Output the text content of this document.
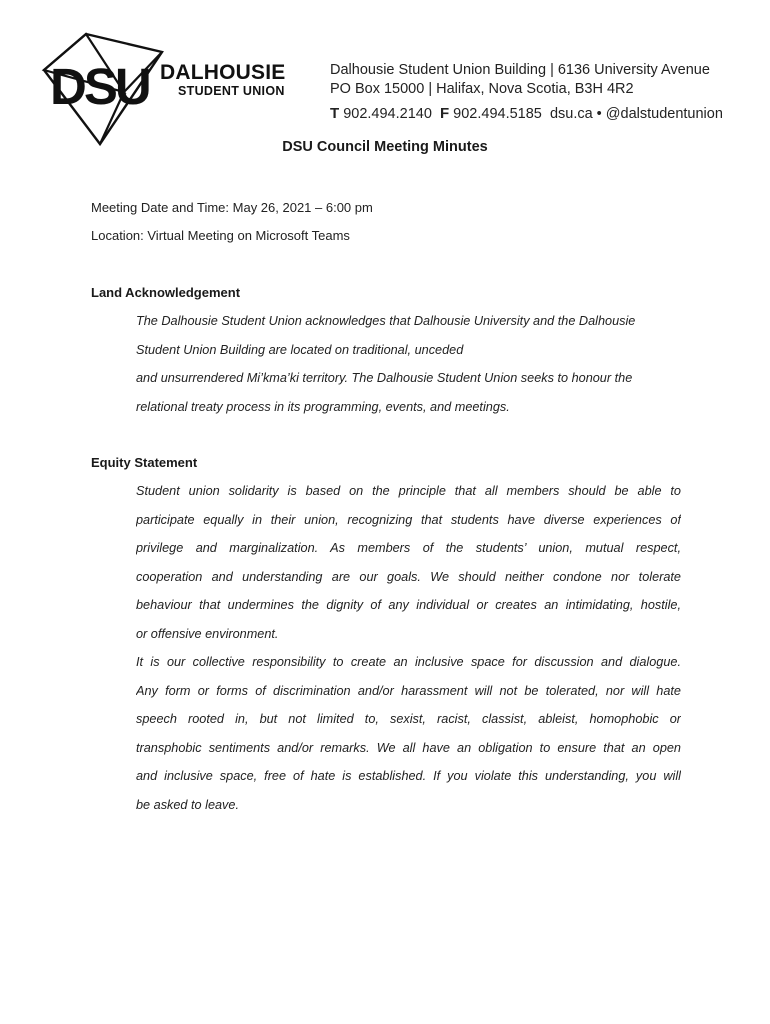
DSU DALHOUSIE
STUDENT UNION
Dalhousie Student Union Building | 6136 University Avenue
PO Box 15000 | Halifax, Nova Scotia, B3H 4R2
T 902.494.2140 F 902.494.5185 dsu.ca • @dalstudentunion
DSU Council Meeting Minutes
Meeting Date and Time: May 26, 2021 – 6:00 pm
Location: Virtual Meeting on Microsoft Teams
Land Acknowledgement
The Dalhousie Student Union acknowledges that Dalhousie University and the Dalhousie
Student Union Building are located on traditional, unceded
and unsurrendered Mi’kma’ki territory. The Dalhousie Student Union seeks to honour the
relational treaty process in its programming, events, and meetings.
Equity Statement
Student union solidarity is based on the principle that all members should be able to
participate equally in their union, recognizing that students have diverse experiences of
privilege and marginalization. As members of the students’ union, mutual respect,
cooperation and understanding are our goals. We should neither condone nor tolerate
behaviour that undermines the dignity of any individual or creates an intimidating, hostile,
or offensive environment.
It is our collective responsibility to create an inclusive space for discussion and dialogue.
Any form or forms of discrimination and/or harassment will not be tolerated, nor will hate
speech rooted in, but not limited to, sexist, racist, classist, ableist, homophobic or
transphobic sentiments and/or remarks. We all have an obligation to ensure that an open
and inclusive space, free of hate is established. If you violate this understanding, you will
be asked to leave.
